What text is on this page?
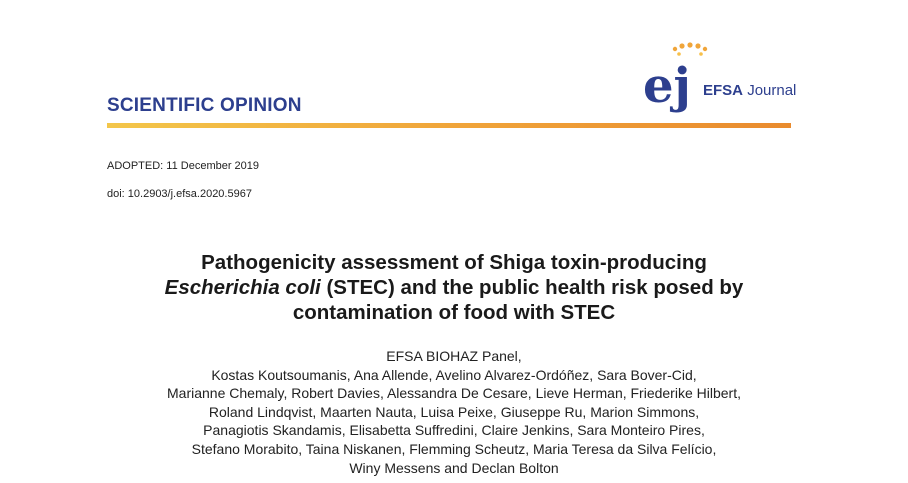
SCIENTIFIC OPINION	ej EFSA Journal
ADOPTED: 11 December 2019
doi: 10.2903/j.efsa.2020.5967
Pathogenicity assessment of Shiga toxin-producing
Escherichia coli (STEC) and the public health risk posed by
contamination of food with STEC
EFSA BIOHAZ Panel,
Kostas Koutsoumanis, Ana Allende, Avelino Alvarez-Ordóñez, Sara Bover-Cid,
Marianne Chemaly, Robert Davies, Alessandra De Cesare, Lieve Herman, Friederike Hilbert,
Roland Lindqvist, Maarten Nauta, Luisa Peixe, Giuseppe Ru, Marion Simmons,
Panagiotis Skandamis, Elisabetta Suffredini, Claire Jenkins, Sara Monteiro Pires,
Stefano Morabito, Taina Niskanen, Flemming Scheutz, Maria Teresa da Silva Felício,
Winy Messens and Declan Bolton
